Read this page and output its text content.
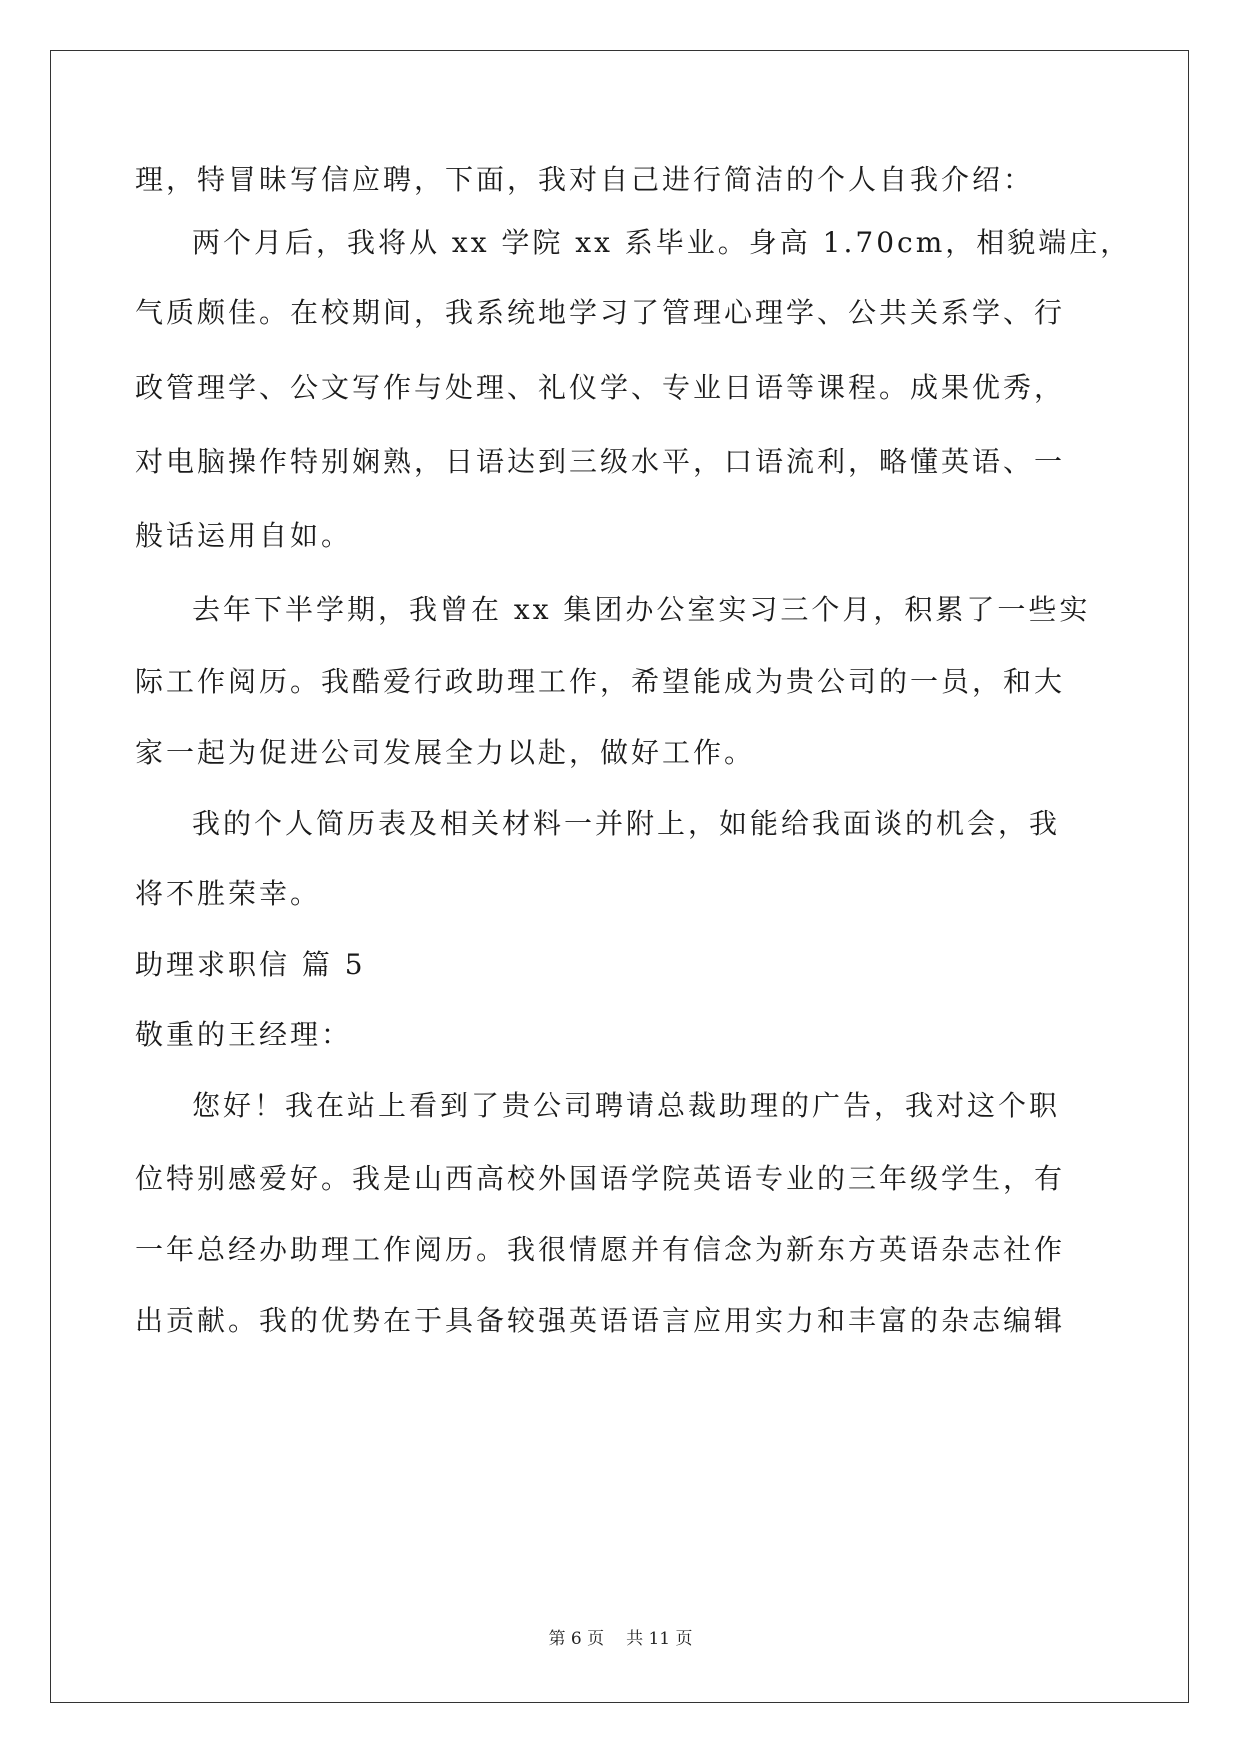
理，特冒昧写信应聘，下面，我对自己进行简洁的个人自我介绍：
两个月后，我将从 xx 学院 xx 系毕业。身高 1.70cm，相貌端庄，
气质颇佳。在校期间，我系统地学习了管理心理学、公共关系学、行
政管理学、公文写作与处理、礼仪学、专业日语等课程。成果优秀，
对电脑操作特别娴熟，日语达到三级水平，口语流利，略懂英语、一
般话运用自如。
去年下半学期，我曾在 xx 集团办公室实习三个月，积累了一些实
际工作阅历。我酷爱行政助理工作，希望能成为贵公司的一员，和大
家一起为促进公司发展全力以赴，做好工作。
我的个人简历表及相关材料一并附上，如能给我面谈的机会，我
将不胜荣幸。
助理求职信 篇 5
敬重的王经理：
您好！我在站上看到了贵公司聘请总裁助理的广告，我对这个职
位特别感爱好。我是山西高校外国语学院英语专业的三年级学生，有
一年总经办助理工作阅历。我很情愿并有信念为新东方英语杂志社作
出贡献。我的优势在于具备较强英语语言应用实力和丰富的杂志编辑
第 6 页 共 11 页
